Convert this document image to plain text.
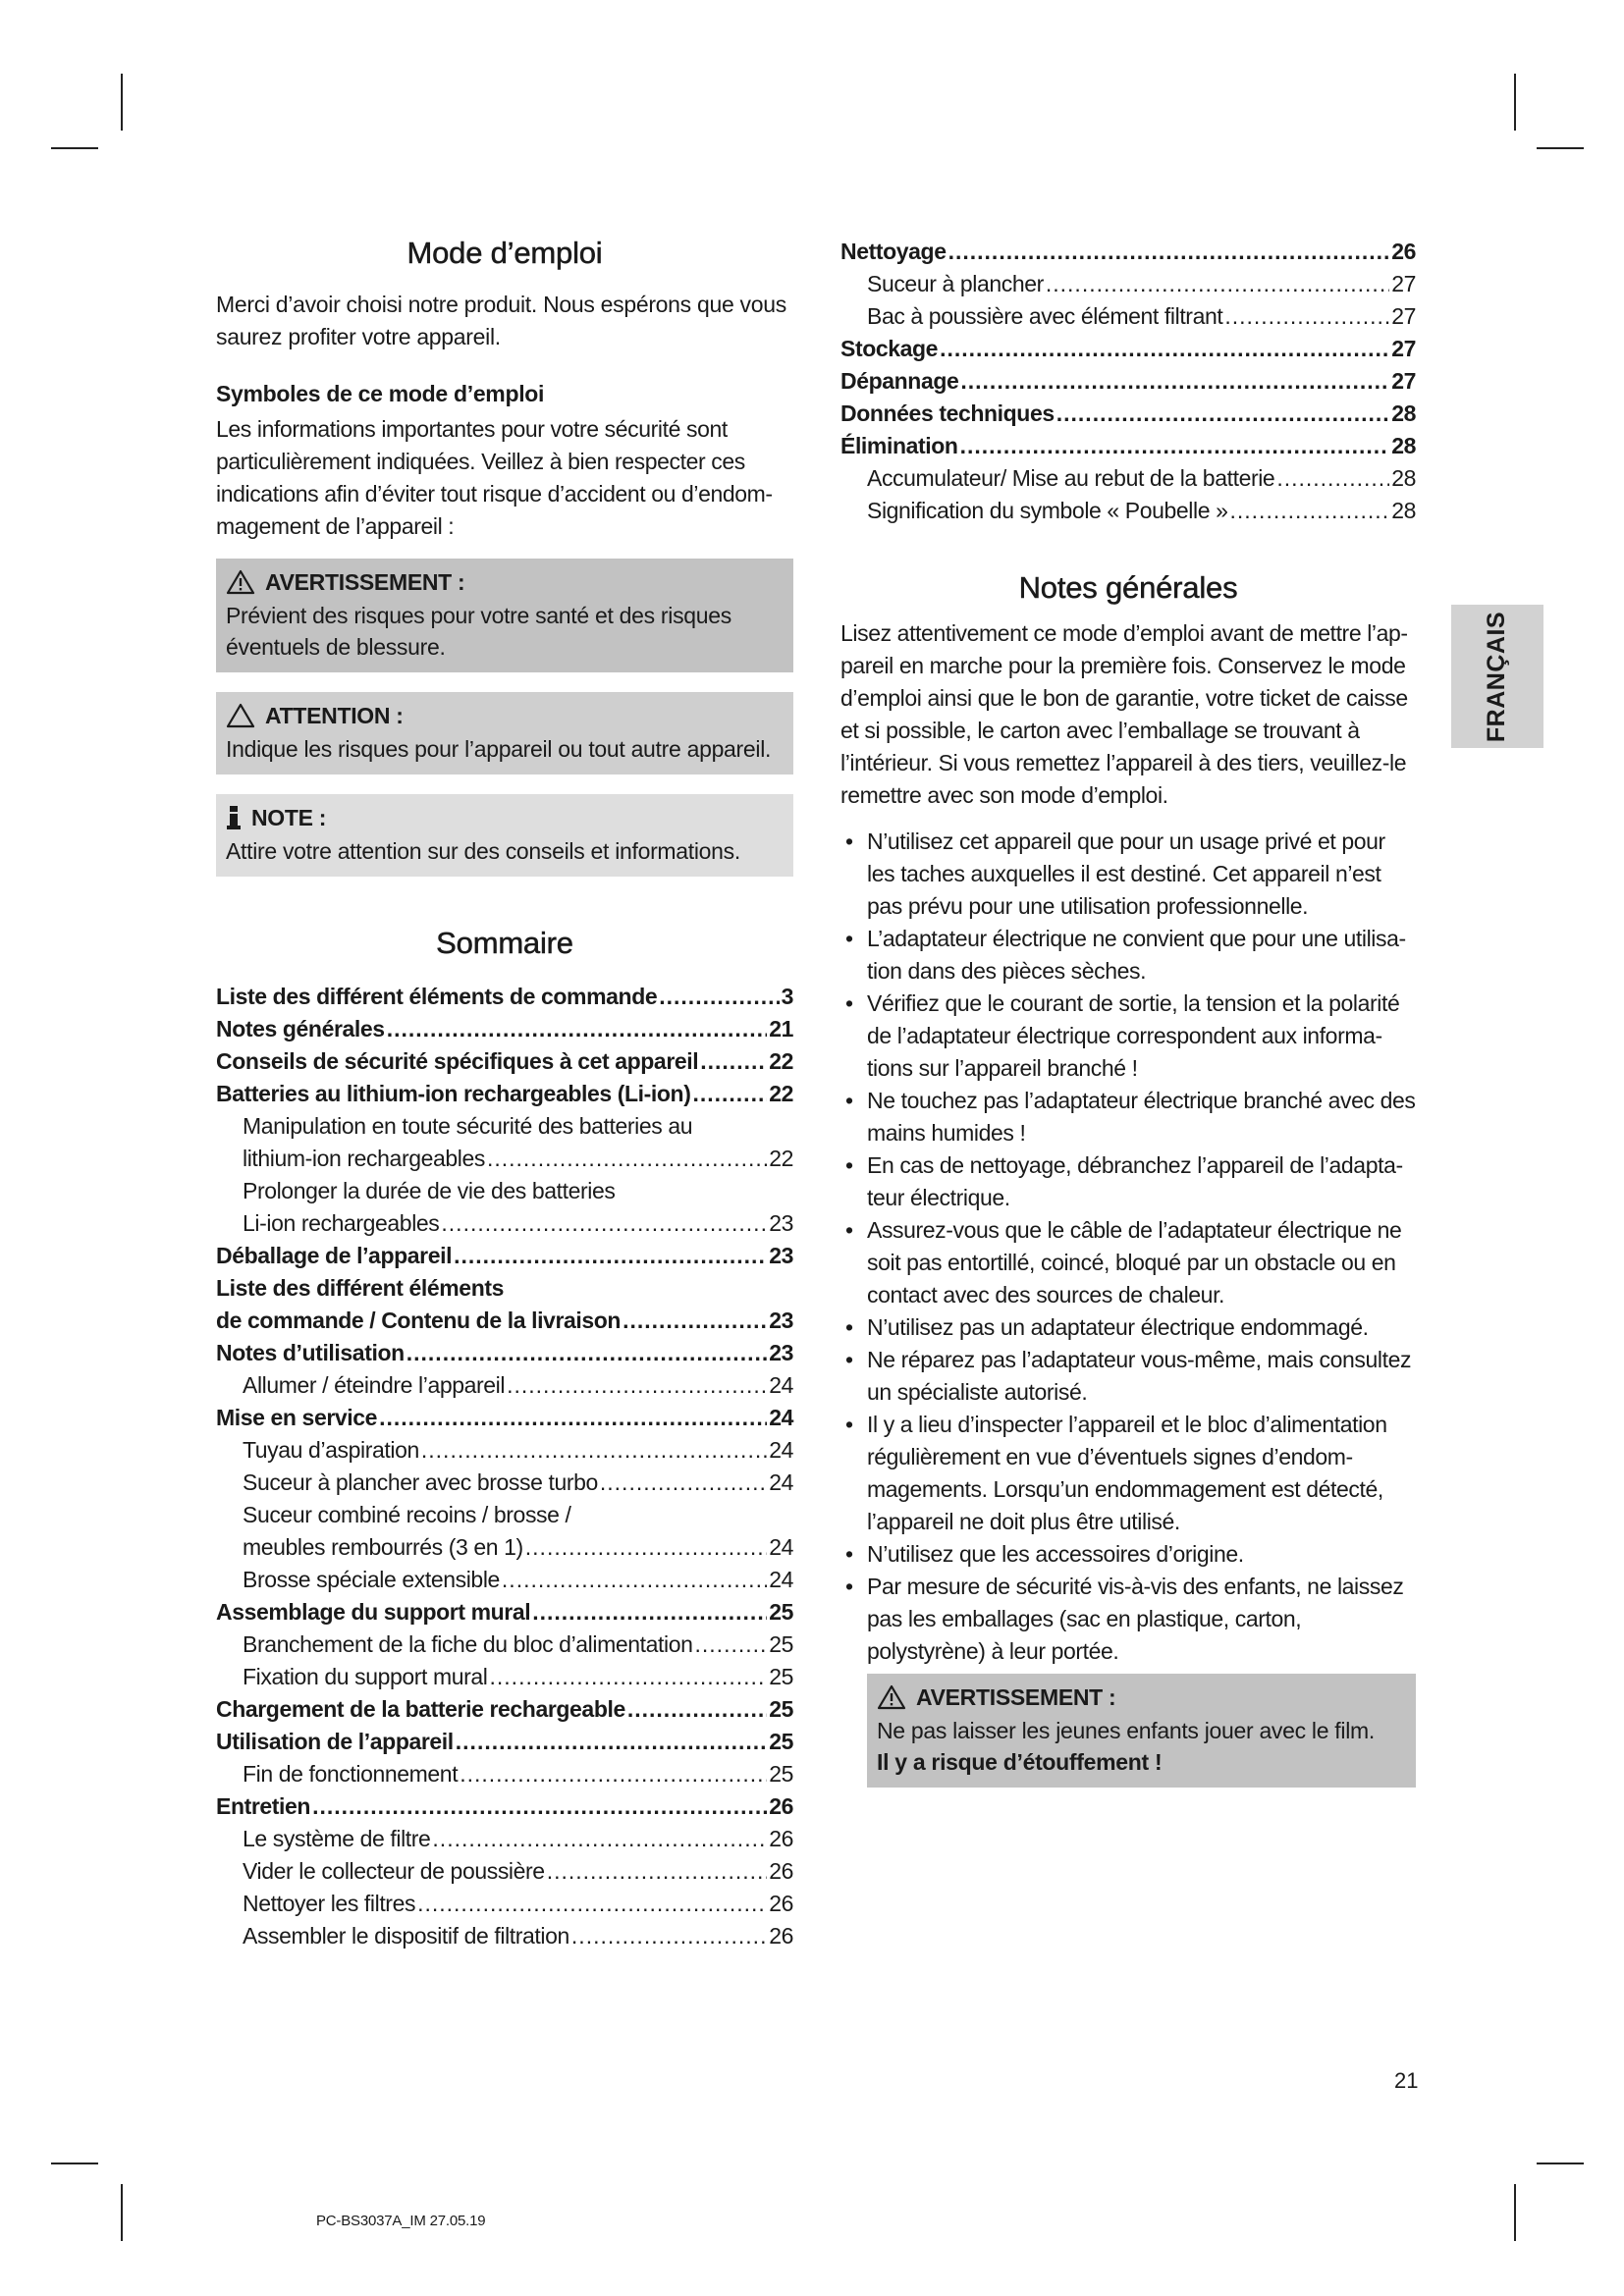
Mode d’emploi

Merci d’avoir choisi notre produit. Nous espérons que vous saurez profiter votre appareil.

Symboles de ce mode d’emploi

Les informations importantes pour votre sécurité sont particulièrement indiquées. Veillez à bien respecter ces indications afin d’éviter tout risque d’accident ou d’endommagement de l’appareil :

AVERTISSEMENT :

Prévient des risques pour votre santé et des risques éventuels de blessure.

ATTENTION :

Indique les risques pour l’appareil ou tout autre appareil.

NOTE :

Attire votre attention sur des conseils et informations.

Sommaire
Liste des différent éléments de commande .....	3
Notes générales .....	21
Conseils de sécurité spécifiques à cet appareil .....	22
Batteries au lithium-ion rechargeables (Li-ion) .....	22
Manipulation en toute sécurité des batteries au
lithium-ion rechargeables .....	22
Prolonger la durée de vie des batteries
Li-ion rechargeables .....	23
Déballage de l’appareil .....	23
Liste des différent éléments
de commande / Contenu de la livraison .....	23
Notes d’utilisation .....	23
Allumer / éteindre l’appareil .....	24
Mise en service .....	24
Tuyau d’aspiration .....	24
Suceur à plancher avec brosse turbo .....	24
Suceur combiné recoins / brosse /
meubles rembourrés (3 en 1) .....	24
Brosse spéciale extensible .....	24
Assemblage du support mural .....	25
Branchement de la fiche du bloc d’alimentation .....	25
Fixation du support mural .....	25
Chargement de la batterie rechargeable .....	25
Utilisation de l’appareil .....	25
Fin de fonctionnement .....	25
Entretien .....	26
Le système de filtre .....	26
Vider le collecteur de poussière .....	26
Nettoyer les filtres .....	26
Assembler le dispositif de filtration .....	26
Nettoyage .....	26
Suceur à plancher .....	27
Bac à poussière avec élément filtrant .....	27
Stockage .....	27
Dépannage .....	27
Données techniques .....	28
Élimination .....	28
Accumulateur/ Mise au rebut de la batterie .....	28
Signification du symbole « Poubelle » .....	28
Notes générales

Lisez attentivement ce mode d’emploi avant de mettre l’appareil en marche pour la première fois. Conservez le mode d’emploi ainsi que le bon de garantie, votre ticket de caisse et si possible, le carton avec l’emballage se trouvant à l’intérieur. Si vous remettez l’appareil à des tiers, veuillez-le remettre avec son mode d’emploi.

• N’utilisez cet appareil que pour un usage privé et pour les taches auxquelles il est destiné. Cet appareil n’est pas prévu pour une utilisation professionnelle.
• L’adaptateur électrique ne convient que pour une utilisation dans des pièces sèches.
• Vérifiez que le courant de sortie, la tension et la polarité de l’adaptateur électrique correspondent aux informations sur l’appareil branché !
• Ne touchez pas l’adaptateur électrique branché avec des mains humides !
• En cas de nettoyage, débranchez l’appareil de l’adaptateur électrique.
• Assurez-vous que le câble de l’adaptateur électrique ne soit pas entortillé, coincé, bloqué par un obstacle ou en contact avec des sources de chaleur.
• N’utilisez pas un adaptateur électrique endommagé.
• Ne réparez pas l’adaptateur vous-même, mais consultez un spécialiste autorisé.
• Il y a lieu d’inspecter l’appareil et le bloc d’alimentation régulièrement en vue d’éventuels signes d’endommagements. Lorsqu’un endommagement est détecté, l’appareil ne doit plus être utilisé.
• N’utilisez que les accessoires d’origine.
• Par mesure de sécurité vis-à-vis des enfants, ne laissez pas les emballages (sac en plastique, carton, polystyrène) à leur portée.
AVERTISSEMENT :

Ne pas laisser les jeunes enfants jouer avec le film.

Il y a risque d’étouffement !

FRANÇAIS
21
PC-BS3037A_IM 27.05.19
